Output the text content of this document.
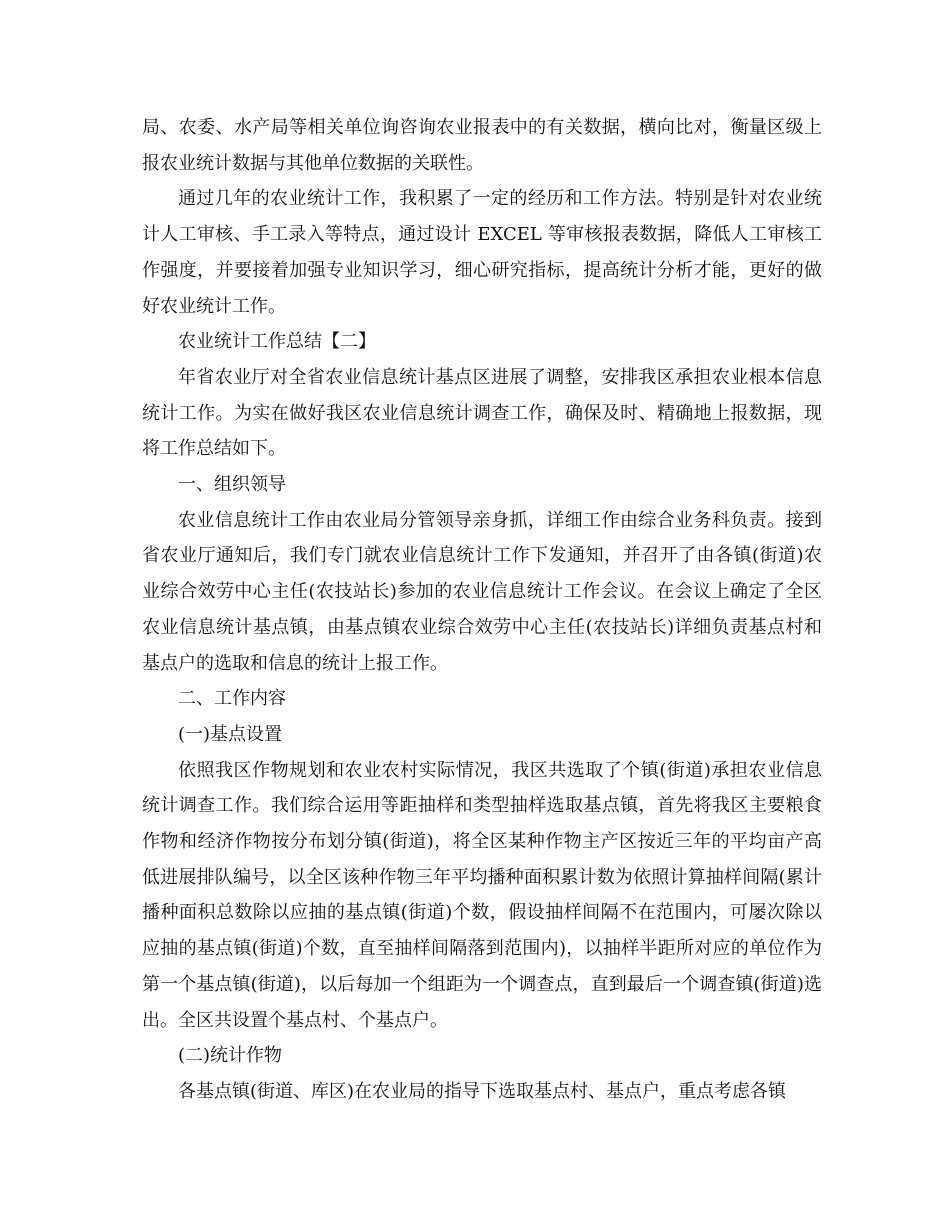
局、农委、水产局等相关单位询咨询农业报表中的有关数据，横向比对，衡量区级上报农业统计数据与其他单位数据的关联性。

通过几年的农业统计工作，我积累了一定的经历和工作方法。特别是针对农业统计人工审核、手工录入等特点，通过设计 EXCEL 等审核报表数据，降低人工审核工作强度，并要接着加强专业知识学习，细心研究指标，提高统计分析才能，更好的做好农业统计工作。

农业统计工作总结【二】

年省农业厅对全省农业信息统计基点区进展了调整，安排我区承担农业根本信息统计工作。为实在做好我区农业信息统计调查工作，确保及时、精确地上报数据，现将工作总结如下。

一、组织领导

农业信息统计工作由农业局分管领导亲身抓，详细工作由综合业务科负责。接到省农业厅通知后，我们专门就农业信息统计工作下发通知，并召开了由各镇(街道)农业综合效劳中心主任(农技站长)参加的农业信息统计工作会议。在会议上确定了全区农业信息统计基点镇，由基点镇农业综合效劳中心主任(农技站长)详细负责基点村和基点户的选取和信息的统计上报工作。

二、工作内容

(一)基点设置

依照我区作物规划和农业农村实际情况，我区共选取了个镇(街道)承担农业信息统计调查工作。我们综合运用等距抽样和类型抽样选取基点镇，首先将我区主要粮食作物和经济作物按分布划分镇(街道)，将全区某种作物主产区按近三年的平均亩产高低进展排队编号，以全区该种作物三年平均播种面积累计数为依照计算抽样间隔(累计播种面积总数除以应抽的基点镇(街道)个数，假设抽样间隔不在范围内，可屡次除以应抽的基点镇(街道)个数，直至抽样间隔落到范围内)，以抽样半距所对应的单位作为第一个基点镇(街道)，以后每加一个组距为一个调查点，直到最后一个调查镇(街道)选出。全区共设置个基点村、个基点户。

(二)统计作物

各基点镇(街道、库区)在农业局的指导下选取基点村、基点户，重点考虑各镇
